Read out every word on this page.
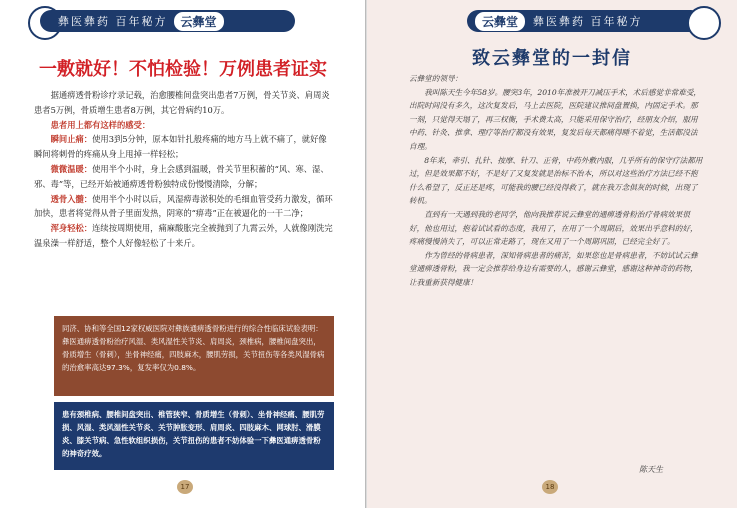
彝医彝药 百年秘方	云彝堂
一敷就好！不怕检验！万例患者证实

据通痹透骨粉诊疗录记载，治愈腰椎间盘突出患者7万例，骨关节炎、肩周炎患者5万例，骨质增生患者8万例，其它骨病约10万。

患者用上都有这样的感受：

瞬间止痛：使用3到5分钟，原本如针扎般疼痛的地方马上就不痛了，就好像瞬间将刺骨的疼痛从身上甩掉一样轻松；

微微温暖：使用半个小时，身上会感到温暖，骨关节里积蓄的“风、寒、湿、邪、毒”等，已经开始被通痹透骨粉独特成份慢慢清除，分解；

透骨入髓：使用半个小时以后，风湿痹毒淤积处的毛细血管受药力激发，循环加快，患者将觉得从骨子里面发热，阴寒的“痹毒”正在被逼化的一干二净；

浑身轻松：连续按周期使用，痛麻酸胀完全被抛到了九霄云外，人就像刚洗完温泉澡一样舒适，整个人好像轻松了十来斤。

同济、协和等全国12家权威医院对彝族通痹透骨粉进行的综合性临床试验表明：彝医通痹透骨粉治疗风湿、类风湿性关节炎、肩周炎，颈椎病，腰椎间盘突出，骨质增生（骨刺），坐骨神经痛，四肢麻木，腰肌劳损，关节扭伤等各类风湿骨病的治愈率高达97.3%，复发率仅为0.8%。
患有颈椎病、腰椎间盘突出、椎管狭窄、骨质增生（骨刺）、坐骨神经痛、腰肌劳损、风湿、类风湿性关节炎、关节肿胀变形、肩周炎、四肢麻木、网球肘、滑膜炎、膝关节病、急性软组织损伤，关节扭伤的患者不妨体验一下彝医通痹透骨粉的神奇疗效。
17
云彝堂	彝医彝药 百年秘方
致云彝堂的一封信

云彝堂的领导：

我叫陈天生今年58岁。腰突3年，2010年准被开刀减压手术，术后感觉非常难受，出院时间没有多久，这次复发后，马上去医院，医院建议推间盘置换，内固定手术。那一刻，只觉得天塌了，再三权衡，手术费太高，只能采用保守治疗，经朋友介绍，服用中药、针灸、推拿、理疗等治疗都没有效果，复发后每天都痛得睡不着觉，生活都没法自理。

8年来，牵引、扎针、按摩、针刀、正骨，中药外敷内服，几乎所有的保守疗法都用过，但是效果都不好，不是好了又复发就是治标不治本，所以对这些治疗方法已经不抱什么希望了，反正还是疼，可能我的腰已经没得救了，就在我万念俱灰的时候，出现了转机。

直到有一天遇到我的老同学，他向我推荐说云彝堂的通痹透骨粉治疗骨病效果很好，他也用过，抱着试试看的态度，我用了，在用了一个周期后，效果出乎意料的好，疼痛慢慢消失了，可以正常走路了，现在又用了一个周期巩固，已经完全好了。

作为曾经的骨病患者，深知骨病患者的痛苦，如果您也是骨病患者，不妨试试云彝堂通痹透骨粉，我一定会推荐给身边有需要的人，感谢云彝堂，感谢这种神奇的药物，让我重新获得健康！

陈天生
18
